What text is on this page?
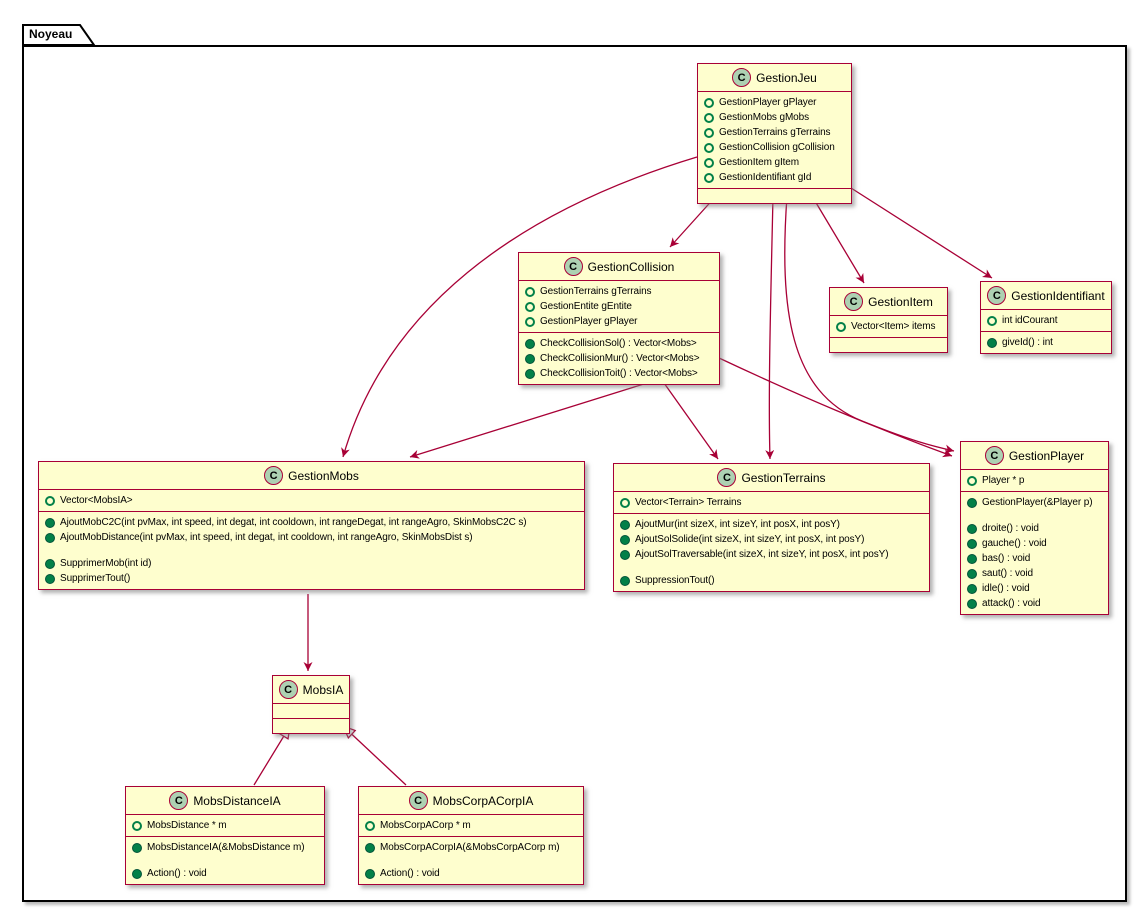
Noyeau
C GestionJeu
GestionPlayer gPlayer
GestionMobs gMobs
GestionTerrains gTerrains
GestionCollision gCollision
GestionItem gItem
GestionIdentifiant gId
C GestionCollision
GestionTerrains gTerrains
GestionEntite gEntite
GestionPlayer gPlayer
CheckCollisionSol() : Vector<Mobs>
CheckCollisionMur() : Vector<Mobs>
CheckCollisionToit() : Vector<Mobs>
C GestionItem
Vector<Item> items
C GestionIdentifiant
int idCourant
giveId() : int
C GestionMobs
Vector<MobsIA>
AjoutMobC2C(int pvMax, int speed, int degat, int cooldown, int rangeDegat, int rangeAgro, SkinMobsC2C s)
AjoutMobDistance(int pvMax, int speed, int degat, int cooldown, int rangeAgro, SkinMobsDist s)
SupprimerMob(int id)
SupprimerTout()
C GestionTerrains
Vector<Terrain> Terrains
AjoutMur(int sizeX, int sizeY, int posX, int posY)
AjoutSolSolide(int sizeX, int sizeY, int posX, int posY)
AjoutSolTraversable(int sizeX, int sizeY, int posX, int posY)
SuppressionTout()
C GestionPlayer
Player * p
GestionPlayer(&Player p)
droite() : void
gauche() : void
bas() : void
saut() : void
idle() : void
attack() : void
C MobsIA
C MobsDistanceIA
MobsDistance * m
MobsDistanceIA(&MobsDistance m)
Action() : void
C MobsCorpACorpIA
MobsCorpACorp * m
MobsCorpACorpIA(&MobsCorpACorp m)
Action() : void
